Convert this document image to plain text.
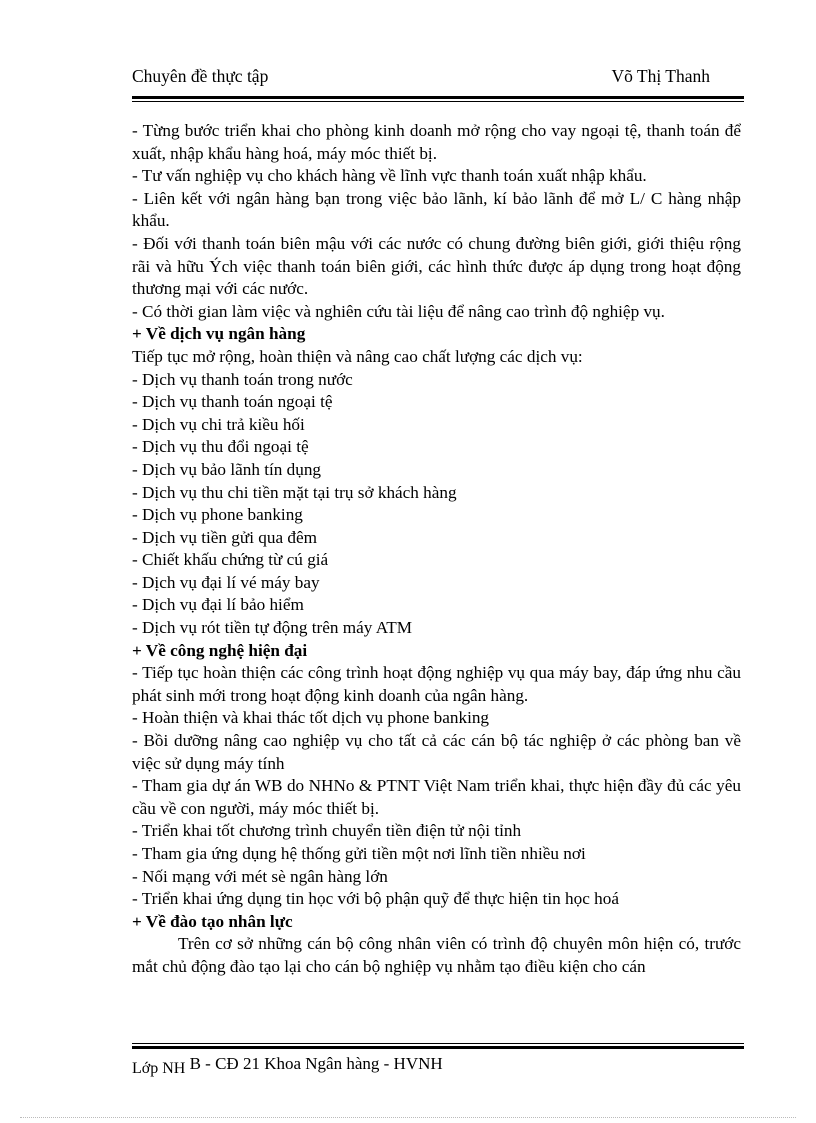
Chuyên đề thực tập	Võ Thị Thanh

- Từng bước triển khai cho phòng kinh doanh mở rộng cho vay ngoại tệ, thanh toán để xuất, nhập khẩu hàng hoá, máy móc thiết bị.

- Tư vấn nghiệp vụ cho khách hàng về lĩnh vực thanh toán xuất nhập khẩu.

- Liên kết với ngân hàng bạn trong việc bảo lãnh, kí bảo lãnh để mở L/ C hàng nhập khẩu.

- Đối với thanh toán biên mậu với các nước có chung đường biên giới, giới thiệu rộng rãi và hữu Ých việc thanh toán biên giới, các hình thức được áp dụng trong hoạt động thương mại với các nước.

- Có thời gian làm việc và nghiên cứu tài liệu để nâng cao trình độ nghiệp vụ.

+ Về dịch vụ ngân hàng

Tiếp tục mở rộng, hoàn thiện và nâng cao chất lượng các dịch vụ:

- Dịch vụ thanh toán trong nước

- Dịch vụ thanh toán ngoại tệ

- Dịch vụ chi trả kiều hối

- Dịch vụ thu đổi ngoại tệ

- Dịch vụ bảo lãnh tín dụng

- Dịch vụ thu chi tiền mặt tại trụ sở khách hàng

- Dịch vụ phone banking

- Dịch vụ tiền gửi qua đêm

- Chiết khấu chứng từ cú giá

- Dịch vụ đại lí vé máy bay

- Dịch vụ đại lí bảo hiểm

- Dịch vụ rót tiền tự động trên máy ATM

+ Về công nghệ hiện đại

- Tiếp tục hoàn thiện các công trình hoạt động nghiệp vụ qua máy bay, đáp ứng nhu cầu phát sinh mới trong hoạt động kinh doanh của ngân hàng.

- Hoàn thiện và khai thác tốt dịch vụ phone banking

- Bồi dưỡng nâng cao nghiệp vụ cho tất cả các cán bộ tác nghiệp ở các phòng ban về việc sử dụng máy tính

- Tham gia dự án WB do NHNo & PTNT Việt Nam triển khai, thực hiện đầy đủ các yêu cầu về con người, máy móc thiết bị.

- Triển khai tốt chương trình chuyển tiền điện tử nội tỉnh

- Tham gia ứng dụng hệ thống gửi tiền một nơi lĩnh tiền nhiều nơi

- Nối mạng với mét sè ngân hàng lớn

- Triển khai ứng dụng tin học với bộ phận quỹ để thực hiện tin học hoá

+ Về đào tạo nhân lực

Trên cơ sở những cán bộ công nhân viên có trình độ chuyên môn hiện có, trước mắt chủ động đào tạo lại cho cán bộ nghiệp vụ nhằm tạo điều kiện cho cán

Lớp NH B - CĐ 21 Khoa Ngân hàng - HVNH
